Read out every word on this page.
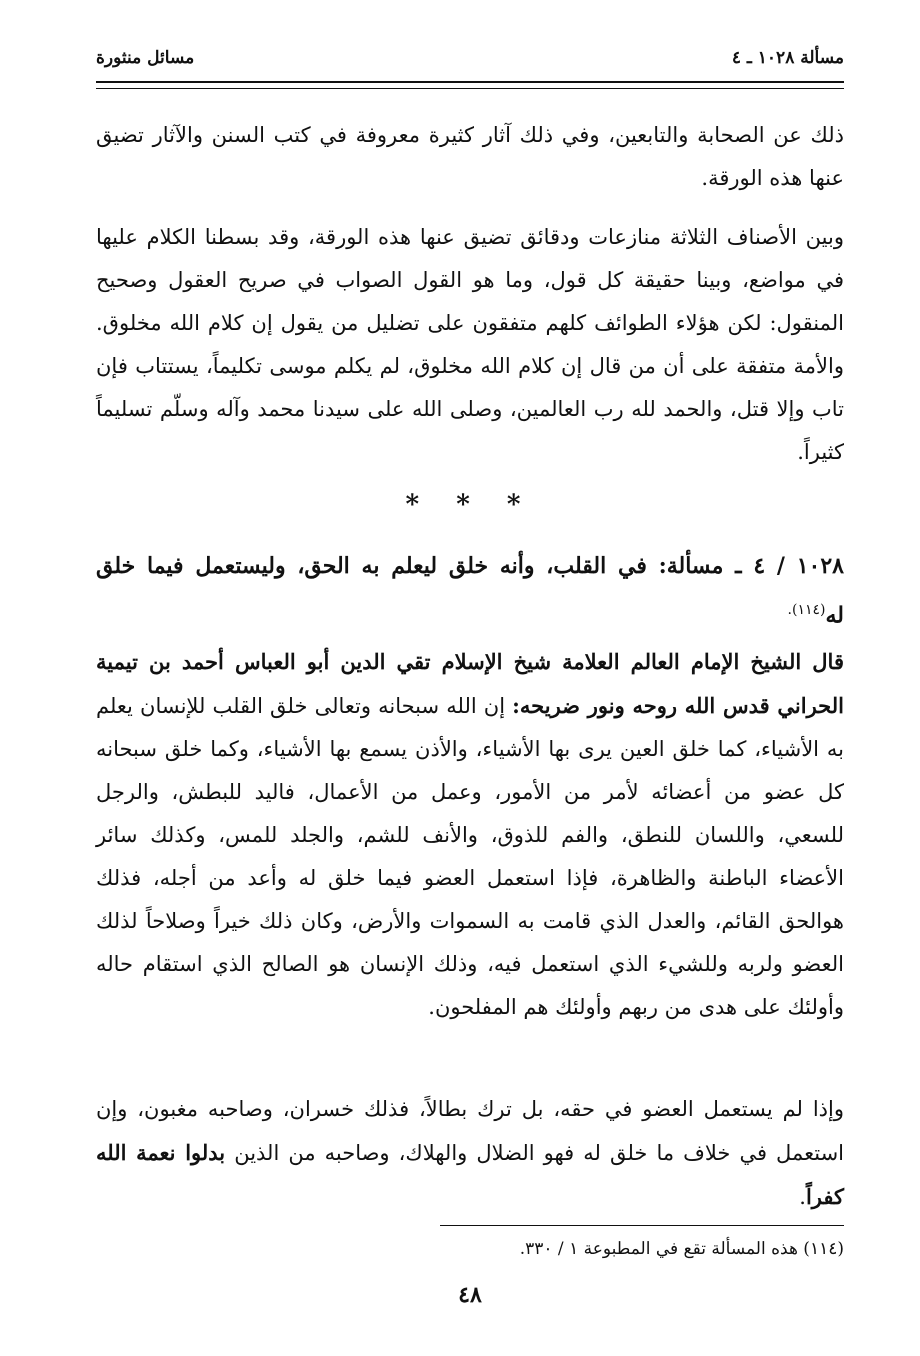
مسألة ١٠٢٨ ـ ٤
مسائل منثورة
ذلك عن الصحابة والتابعين، وفي ذلك آثار كثيرة معروفة في كتب السنن والآثار تضيق عنها هذه الورقة.
وبين الأصناف الثلاثة منازعات ودقائق تضيق عنها هذه الورقة، وقد بسطنا الكلام عليها في مواضع، وبينا حقيقة كل قول، وما هو القول الصواب في صريح العقول وصحيح المنقول: لكن هؤلاء الطوائف كلهم متفقون على تضليل من يقول إن كلام الله مخلوق. والأمة متفقة على أن من قال إن كلام الله مخلوق، لم يكلم موسى تكليماً، يستتاب فإن تاب وإلا قتل، والحمد لله رب العالمين، وصلى الله على سيدنا محمد وآله وسلّم تسليماً كثيراً.
* * *
١٠٢٨ / ٤ ـ مسألة: في القلب، وأنه خلق ليعلم به الحق، وليستعمل فيما خلق له$^{(١١٤).}$
قال الشيخ الإمام العالم العلامة شيخ الإسلام تقي الدين أبو العباس أحمد بن تيمية الحراني قدس الله روحه ونور ضريحه: إن الله سبحانه وتعالى خلق القلب للإنسان يعلم به الأشياء، كما خلق العين يرى بها الأشياء، والأذن يسمع بها الأشياء، وكما خلق سبحانه كل عضو من أعضائه لأمر من الأمور، وعمل من الأعمال، فاليد للبطش، والرجل للسعي، واللسان للنطق، والفم للذوق، والأنف للشم، والجلد للمس، وكذلك سائر الأعضاء الباطنة والظاهرة، فإذا استعمل العضو فيما خلق له وأعد من أجله، فذلك هوالحق القائم، والعدل الذي قامت به السموات والأرض، وكان ذلك خيراً وصلاحاً لذلك العضو ولربه وللشيء الذي استعمل فيه، وذلك الإنسان هو الصالح الذي استقام حاله وأولئك على هدى من ربهم وأولئك هم المفلحون.
وإذا لم يستعمل العضو في حقه، بل ترك بطالاً، فذلك خسران، وصاحبه مغبون، وإن استعمل في خلاف ما خلق له فهو الضلال والهلاك، وصاحبه من الذين بدلوا نعمة الله كفراً.
(١١٤) هذه المسألة تقع في المطبوعة ١ / ٣٣٠.
٤٨
